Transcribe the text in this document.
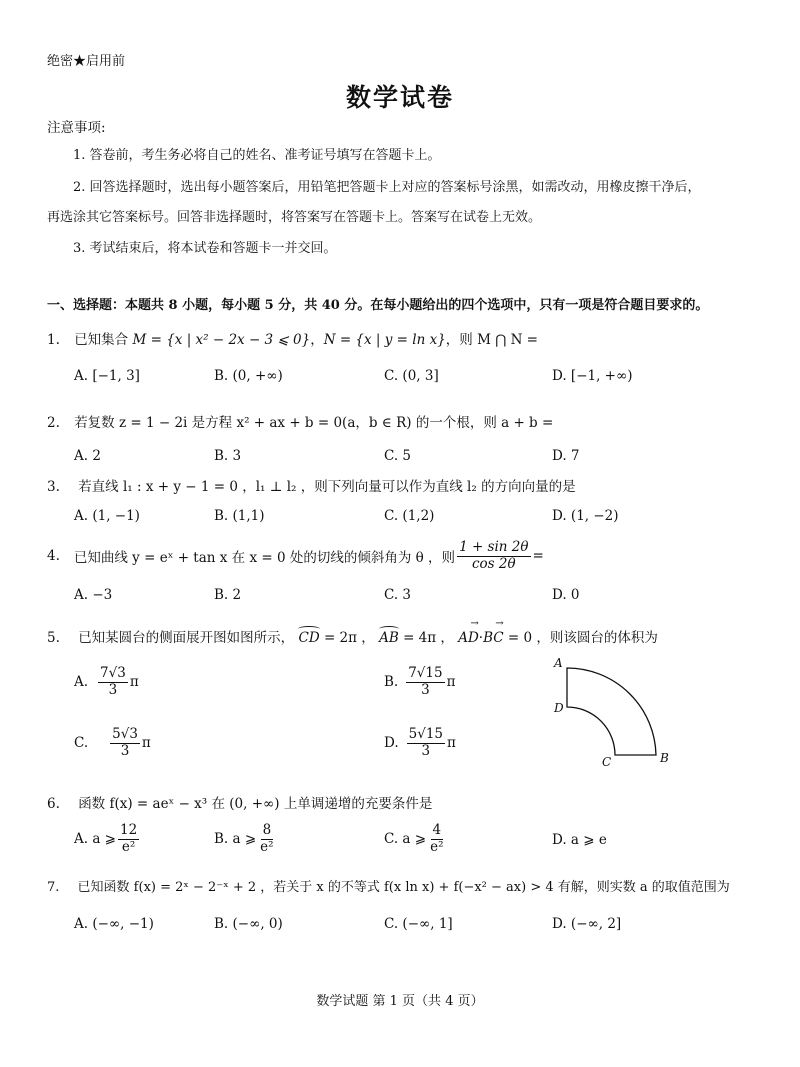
绝密★启用前
数学试卷
注意事项:
1. 答卷前，考生务必将自己的姓名、准考证号填写在答题卡上。
2. 回答选择题时，选出每小题答案后，用铅笔把答题卡上对应的答案标号涂黑，如需改动，用橡皮擦干净后，
再选涂其它答案标号。回答非选择题时，将答案写在答题卡上。答案写在试卷上无效。
3. 考试结束后，将本试卷和答题卡一并交回。
一、选择题：本题共 8 小题，每小题 5 分，共 40 分。在每小题给出的四个选项中，只有一项是符合题目要求的。
1. 已知集合 M = {x | x² − 2x − 3 ⩽ 0}，N = {x | y = ln x}，则 M ⋂ N =
A. [−1, 3]	B. (0, +∞)	C. (0, 3]	D. [−1, +∞)
2. 若复数 z = 1 − 2i 是方程 x² + ax + b = 0(a，b ∈ R) 的一个根，则 a + b =
A. 2	B. 3	C. 5	D. 7
3. 若直线 l₁ : x + y − 1 = 0 ，l₁ ⊥ l₂ ，则下列向量可以作为直线 l₂ 的方向向量的是
A. (1, −1)	B. (1,1)	C. (1,2)	D. (1, −2)
4. 已知曲线 y = eˣ + tan x 在 x = 0 处的切线的倾斜角为 θ ，则 $\frac{1 + \sin 2\theta}{\cos 2\theta}$ =
A. −3	B. 2	C. 3	D. 0
5. 已知某圆台的侧面展开图如图所示， CD = 2π ， AB = 4π ， → AD·→ BC = 0 ，则该圆台的体积为
A. $\frac{7√3}{3}$ π	B. $\frac{7√15}{3}$ π
C. $\frac{5√3}{3}$ π	D. $\frac{5√15}{3}$ π
A
D
C	B
6. 函数 f(x) = aeˣ − x³ 在 (0, +∞) 上单调递增的充要条件是
A. a ⩾ $\frac{12}{\text{e²}}$	B. a ⩾ $\frac{8}{\text{e²}}$	C. a ⩾ $\frac{4}{\text{e²}}$	D. a ⩾ e
7. 已知函数 f(x) = 2ˣ − 2⁻ˣ + 2 ，若关于 x 的不等式 f(x ln x) + f(−x² − ax) > 4 有解，则实数 a 的取值范围为
A. (−∞, −1)	B. (−∞, 0)	C. (−∞, 1]	D. (−∞, 2]
数学试题 第 1 页（共 4 页）
